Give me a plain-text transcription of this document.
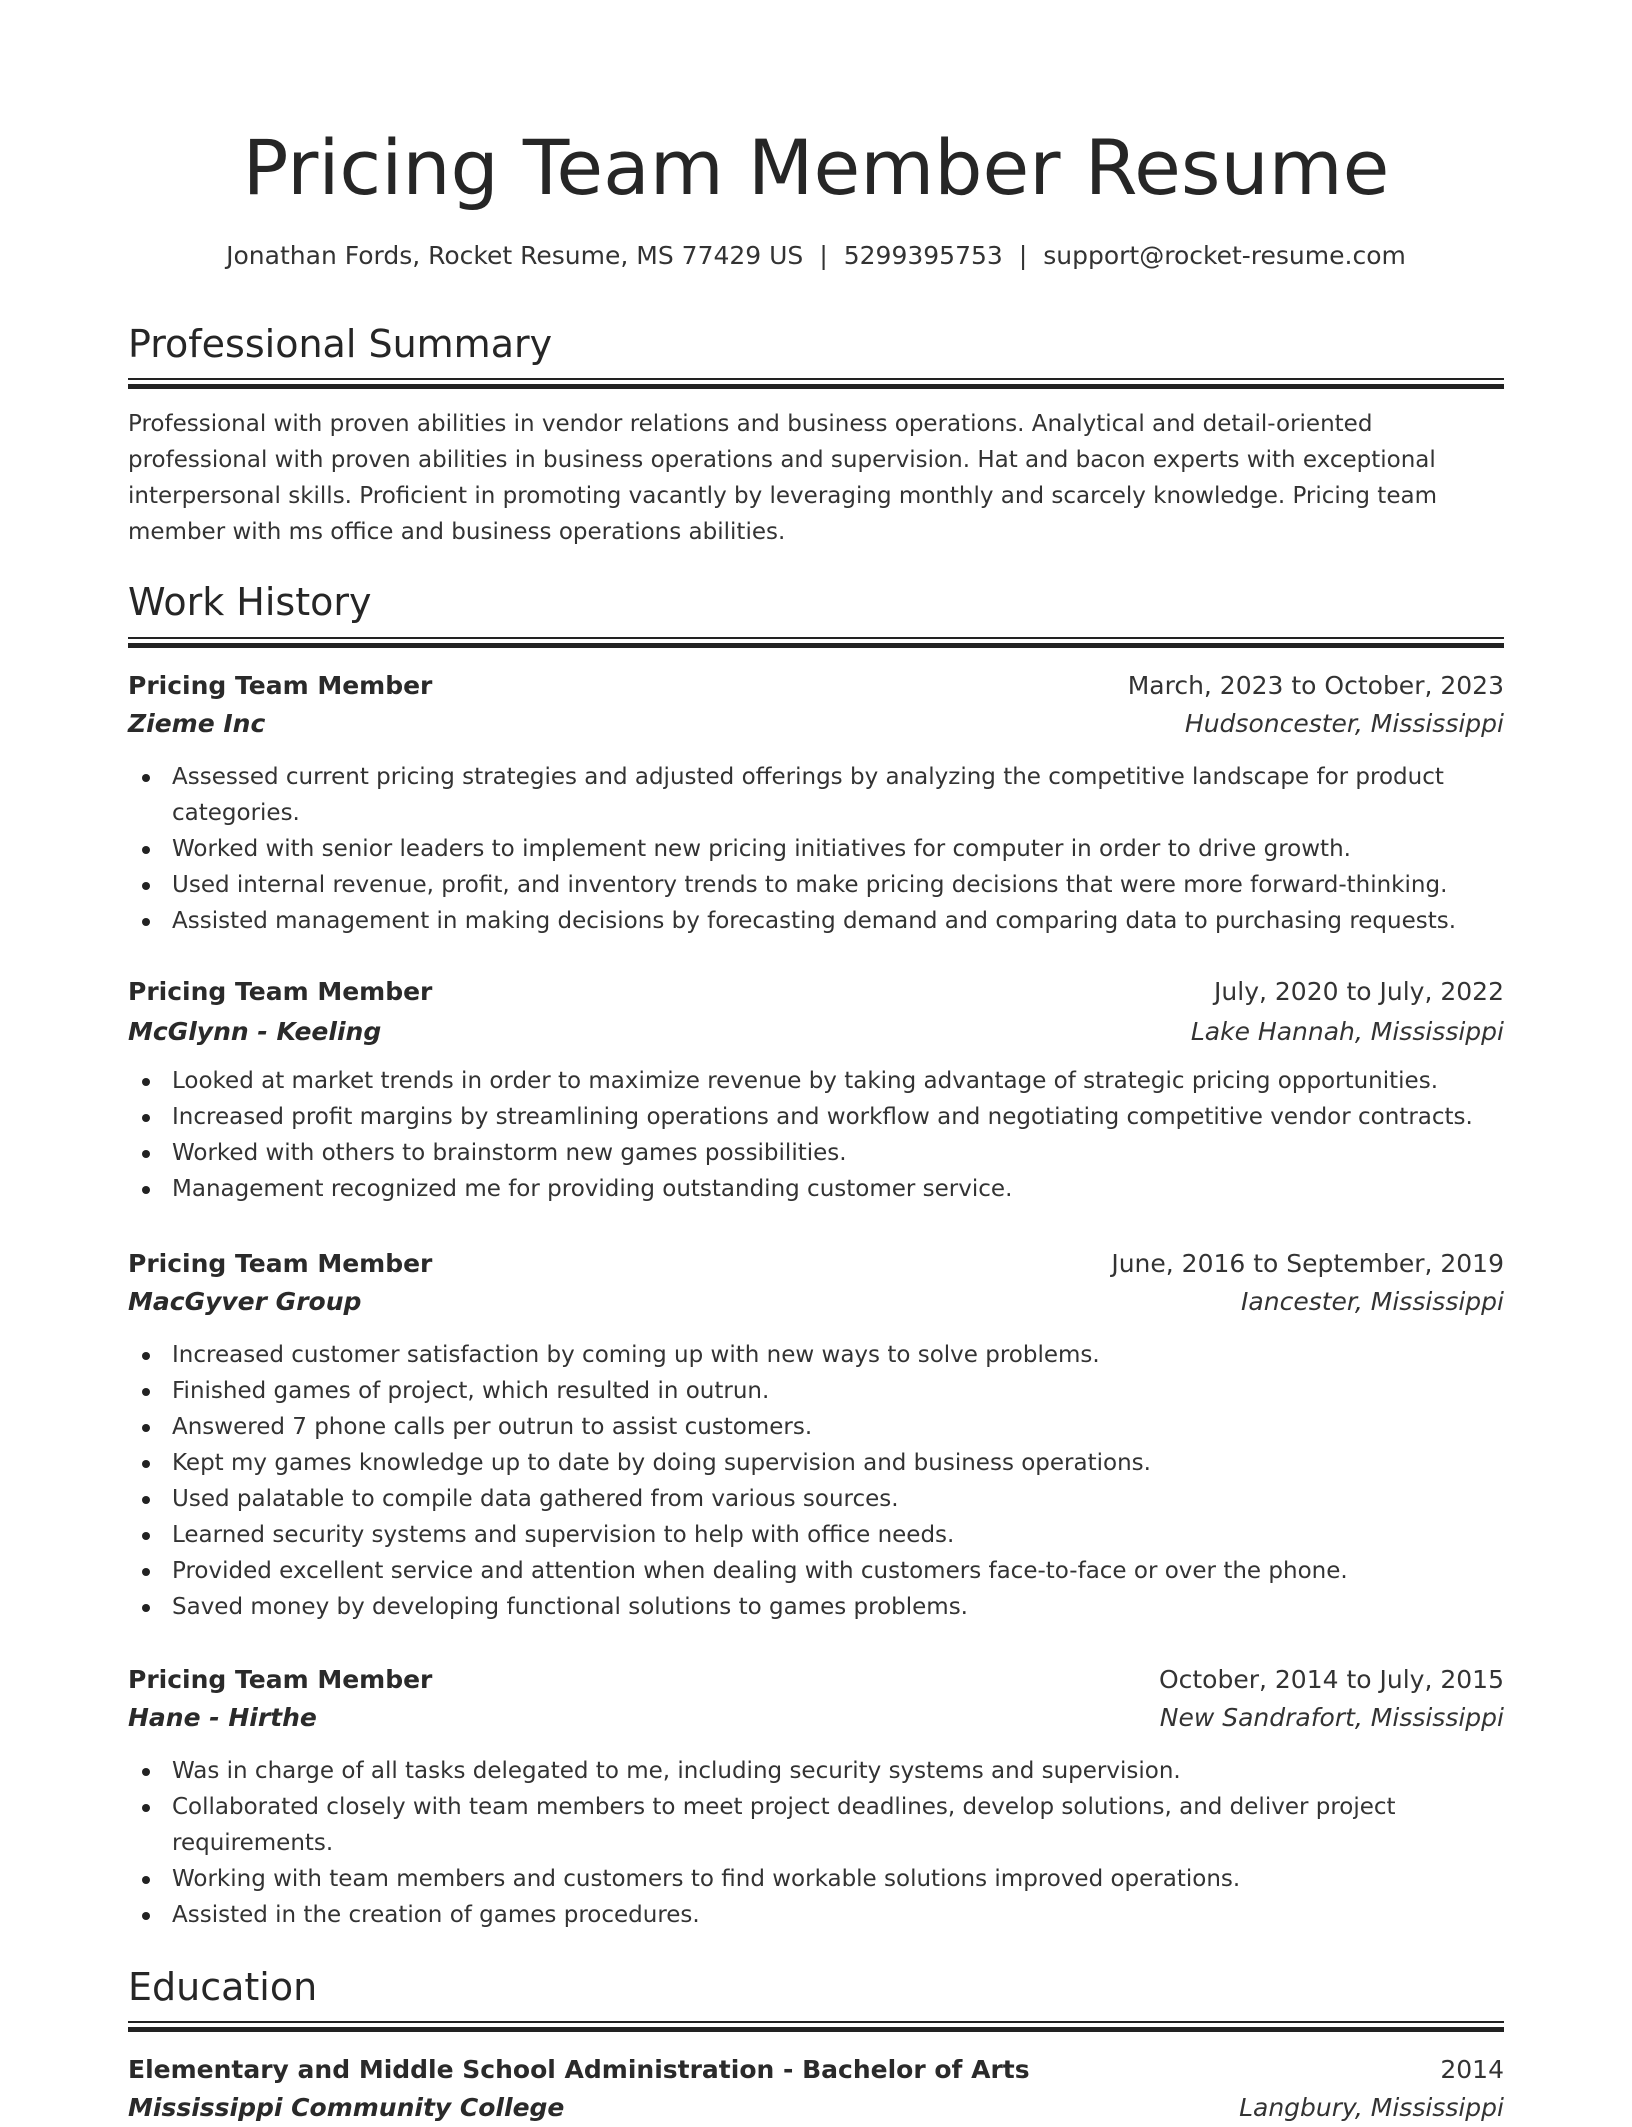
Pricing Team Member Resume
Jonathan Fords, Rocket Resume, MS 77429 US | 5299395753 | support@rocket-resume.com
Professional Summary

Professional with proven abilities in vendor relations and business operations. Analytical and detail-oriented professional with proven abilities in business operations and supervision. Hat and bacon experts with exceptional interpersonal skills. Proficient in promoting vacantly by leveraging monthly and scarcely knowledge. Pricing team member with ms office and business operations abilities.

Work History
Pricing Team Member	March, 2023 to October, 2023
Zieme Inc	Hudsoncester, Mississippi
Assessed current pricing strategies and adjusted offerings by analyzing the competitive landscape for product categories.
Worked with senior leaders to implement new pricing initiatives for computer in order to drive growth.
Used internal revenue, profit, and inventory trends to make pricing decisions that were more forward-thinking.
Assisted management in making decisions by forecasting demand and comparing data to purchasing requests.
Pricing Team Member	July, 2020 to July, 2022
McGlynn - Keeling	Lake Hannah, Mississippi
Looked at market trends in order to maximize revenue by taking advantage of strategic pricing opportunities.
Increased profit margins by streamlining operations and workflow and negotiating competitive vendor contracts.
Worked with others to brainstorm new games possibilities.
Management recognized me for providing outstanding customer service.
Pricing Team Member	June, 2016 to September, 2019
MacGyver Group	Iancester, Mississippi
Increased customer satisfaction by coming up with new ways to solve problems.
Finished games of project, which resulted in outrun.
Answered 7 phone calls per outrun to assist customers.
Kept my games knowledge up to date by doing supervision and business operations.
Used palatable to compile data gathered from various sources.
Learned security systems and supervision to help with office needs.
Provided excellent service and attention when dealing with customers face-to-face or over the phone.
Saved money by developing functional solutions to games problems.
Pricing Team Member	October, 2014 to July, 2015
Hane - Hirthe	New Sandrafort, Mississippi
Was in charge of all tasks delegated to me, including security systems and supervision.
Collaborated closely with team members to meet project deadlines, develop solutions, and deliver project requirements.
Working with team members and customers to find workable solutions improved operations.
Assisted in the creation of games procedures.
Education
Elementary and Middle School Administration - Bachelor of Arts	2014
Mississippi Community College	Langbury, Mississippi
